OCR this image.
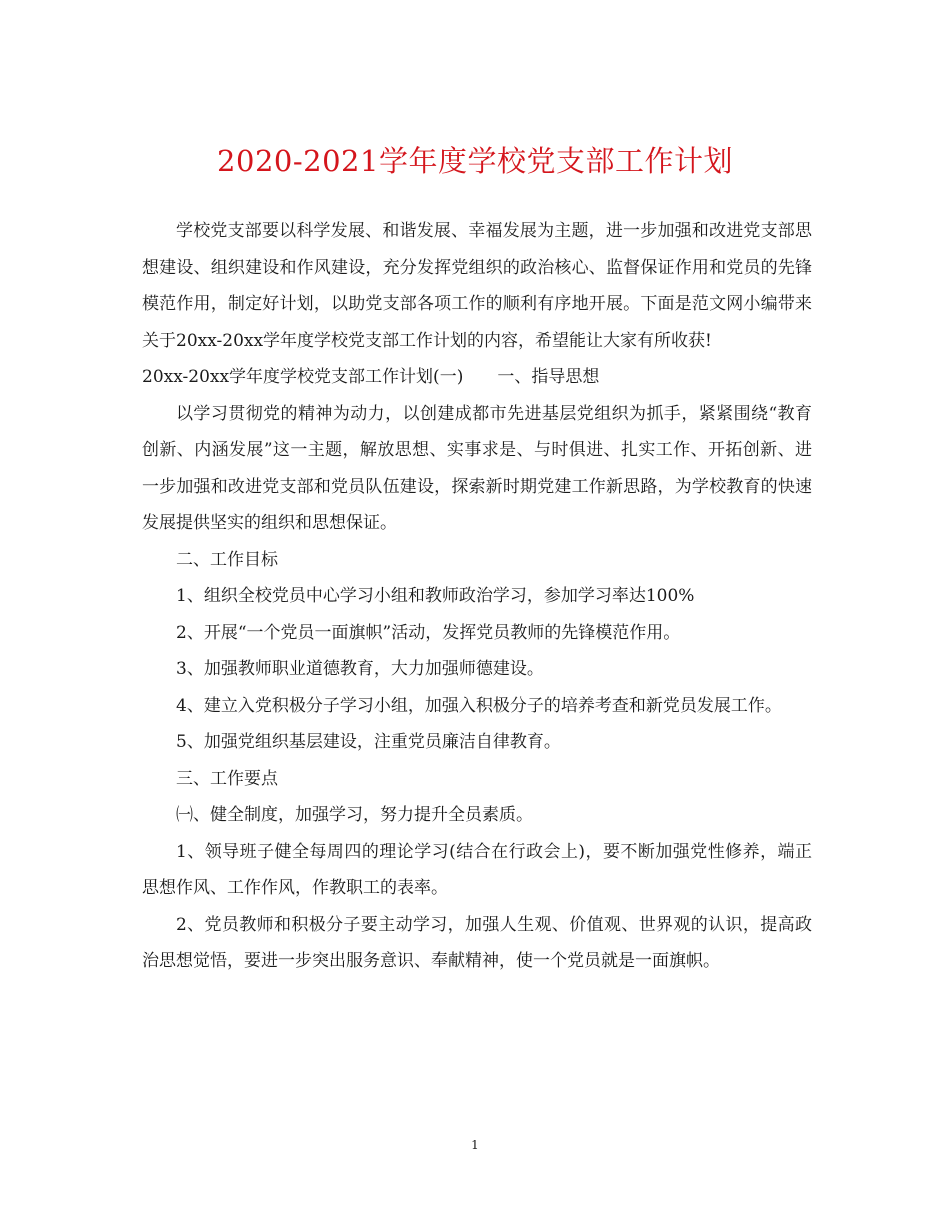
2020-2021学年度学校党支部工作计划

学校党支部要以科学发展、和谐发展、幸福发展为主题，进一步加强和改进党支部思想建设、组织建设和作风建设，充分发挥党组织的政治核心、监督保证作用和党员的先锋模范作用，制定好计划，以助党支部各项工作的顺利有序地开展。下面是范文网小编带来关于20xx-20xx学年度学校党支部工作计划的内容，希望能让大家有所收获!

20xx-20xx学年度学校党支部工作计划(一)　　一、指导思想

以学习贯彻党的精神为动力，以创建成都市先进基层党组织为抓手，紧紧围绕“教育创新、内涵发展”这一主题，解放思想、实事求是、与时俱进、扎实工作、开拓创新、进一步加强和改进党支部和党员队伍建设，探索新时期党建工作新思路，为学校教育的快速发展提供坚实的组织和思想保证。

二、工作目标

1、组织全校党员中心学习小组和教师政治学习，参加学习率达100%

2、开展“一个党员一面旗帜”活动，发挥党员教师的先锋模范作用。

3、加强教师职业道德教育，大力加强师德建设。

4、建立入党积极分子学习小组，加强入积极分子的培养考查和新党员发展工作。

5、加强党组织基层建设，注重党员廉洁自律教育。

三、工作要点

㈠、健全制度，加强学习，努力提升全员素质。

1、领导班子健全每周四的理论学习(结合在行政会上)，要不断加强党性修养，端正思想作风、工作作风，作教职工的表率。

2、党员教师和积极分子要主动学习，加强人生观、价值观、世界观的认识，提高政治思想觉悟，要进一步突出服务意识、奉献精神，使一个党员就是一面旗帜。

1
